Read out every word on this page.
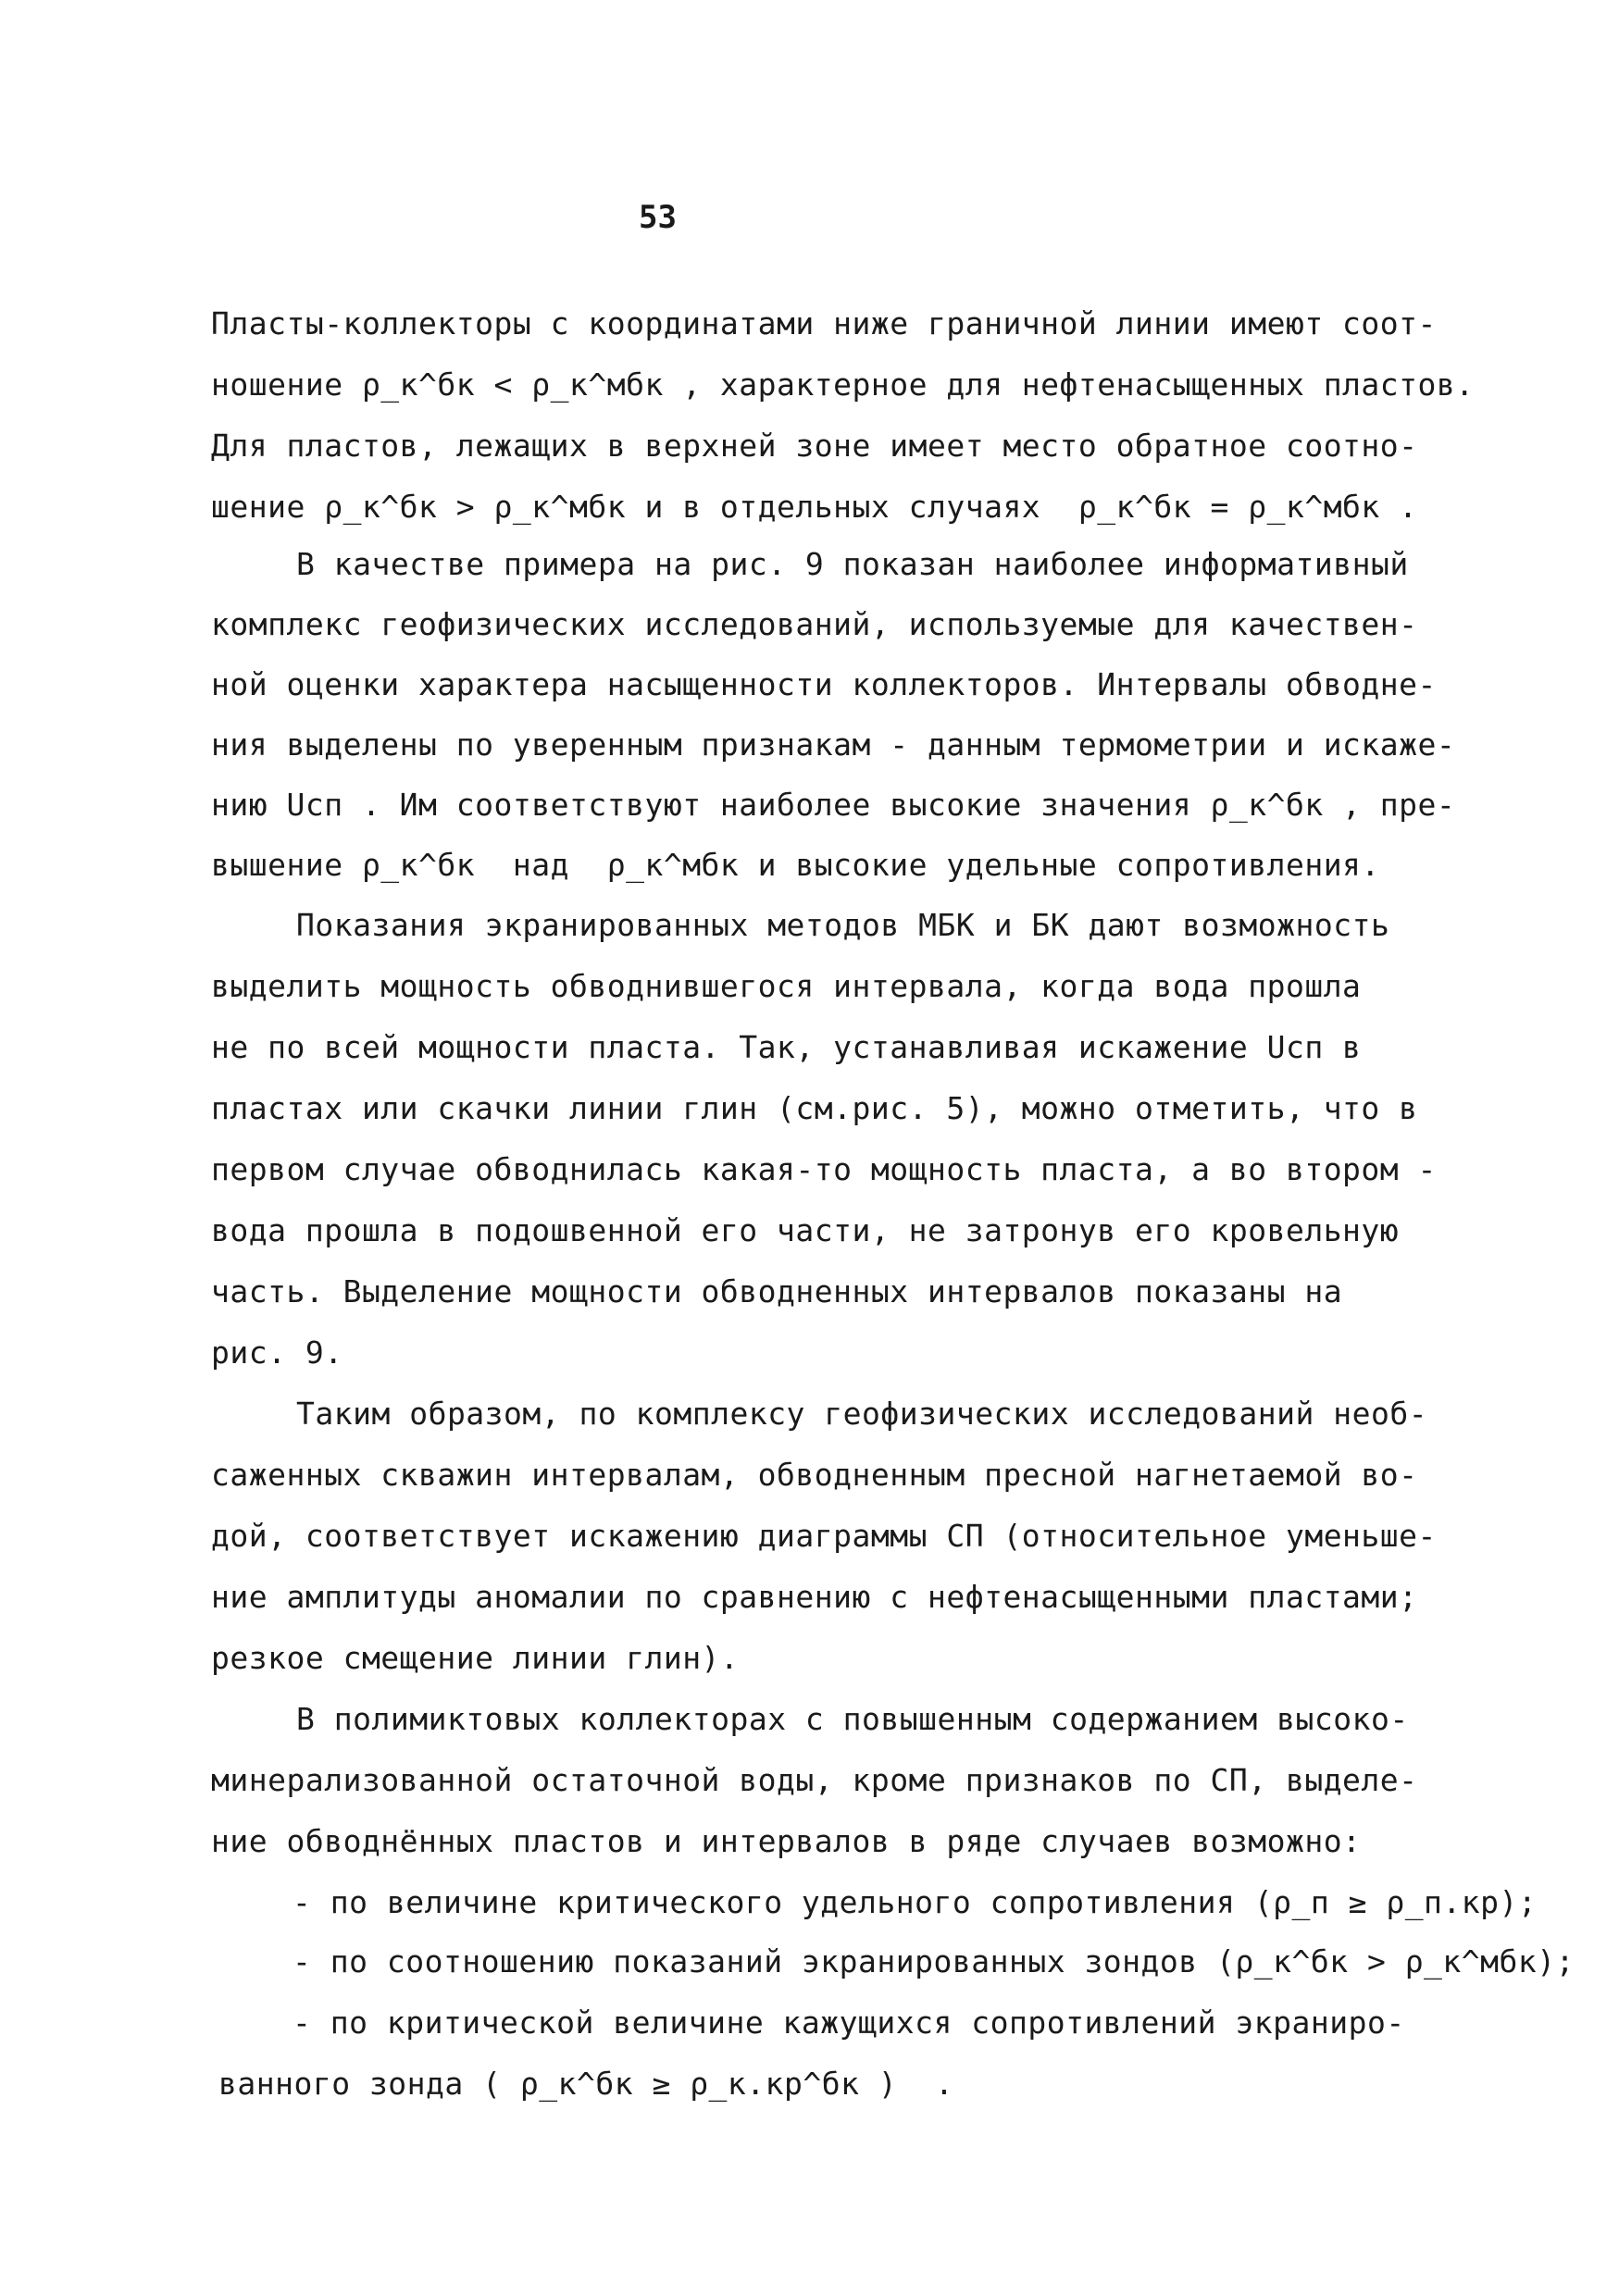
53
Пласты-коллекторы с координатами ниже граничной линии имеют соот-
ношение ρ_к^бк < ρ_к^мбк , характерное для нефтенасыщенных пластов.
Для пластов, лежащих в верхней зоне имеет место обратное соотно-
шение ρ_к^бк > ρ_к^мбк и в отдельных случаях  ρ_к^бк = ρ_к^мбк .
В качестве примера на рис. 9 показан наиболее информативный
комплекс геофизических исследований, используемые для качествен-
ной оценки характера насыщенности коллекторов. Интервалы обводне-
ния выделены по уверенным признакам - данным термометрии и искаже-
нию Uсп . Им соответствуют наиболее высокие значения ρ_к^бк , пре-
вышение ρ_к^бк  над  ρ_к^мбк и высокие удельные сопротивления.
Показания экранированных методов МБК и БК дают возможность
выделить мощность обводнившегося интервала, когда вода прошла
не по всей мощности пласта. Так, устанавливая искажение Uсп в
пластах или скачки линии глин (см.рис. 5), можно отметить, что в
первом случае обводнилась какая-то мощность пласта, а во втором -
вода прошла в подошвенной его части, не затронув его кровельную
часть. Выделение мощности обводненных интервалов показаны на
рис. 9.
Таким образом, по комплексу геофизических исследований необ-
саженных скважин интервалам, обводненным пресной нагнетаемой во-
дой, соответствует искажению диаграммы СП (относительное уменьше-
ние амплитуды аномалии по сравнению с нефтенасыщенными пластами;
резкое смещение линии глин).
В полимиктовых коллекторах с повышенным содержанием высоко-
минерализованной остаточной воды, кроме признаков по СП, выделе-
ние обводнённых пластов и интервалов в ряде случаев возможно:
- по величине критического удельного сопротивления (ρ_п ≥ ρ_п.кр);
- по соотношению показаний экранированных зондов (ρ_к^бк > ρ_к^мбк);
- по критической величине кажущихся сопротивлений экраниро-
ванного зонда ( ρ_к^бк ≥ ρ_к.кр^бк )  .
